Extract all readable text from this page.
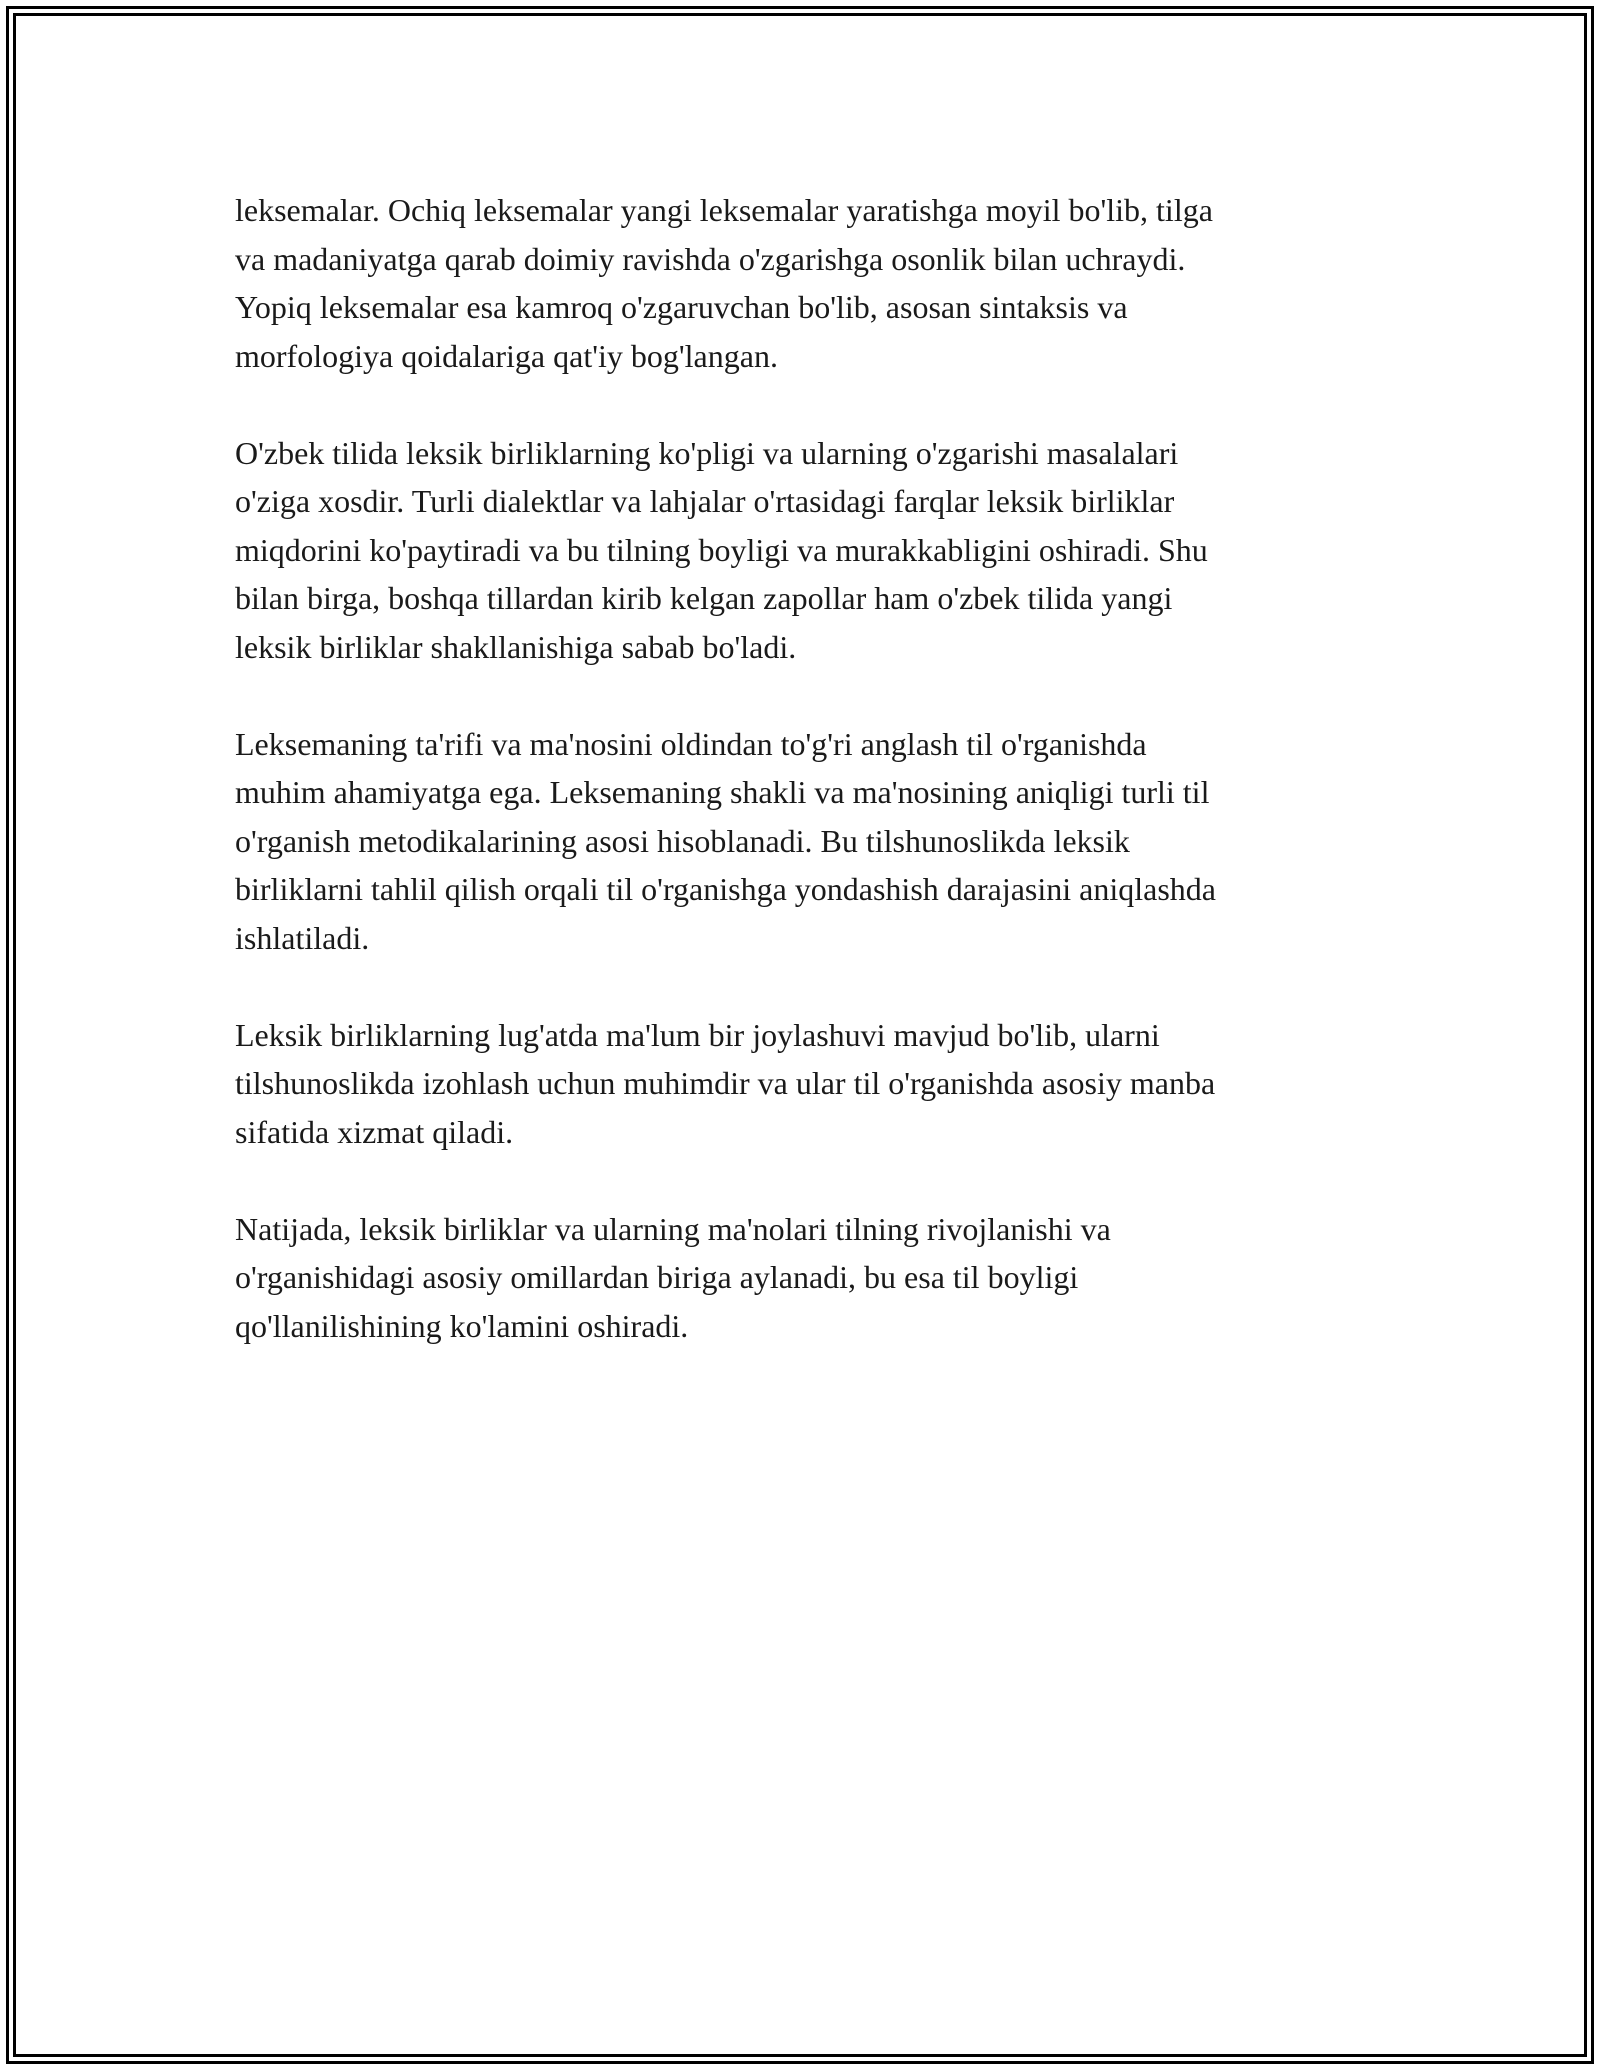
leksemalar. Ochiq leksemalar yangi leksemalar yaratishga moyil bo'lib, tilga
va madaniyatga qarab doimiy ravishda o'zgarishga osonlik bilan uchraydi.
Yopiq leksemalar esa kamroq o'zgaruvchan bo'lib, asosan sintaksis va
morfologiya qoidalariga qat'iy bog'langan.

O'zbek tilida leksik birliklarning ko'pligi va ularning o'zgarishi masalalari
o'ziga xosdir. Turli dialektlar va lahjalar o'rtasidagi farqlar leksik birliklar
miqdorini ko'paytiradi va bu tilning boyligi va murakkabligini oshiradi. Shu
bilan birga, boshqa tillardan kirib kelgan zapollar ham o'zbek tilida yangi
leksik birliklar shakllanishiga sabab bo'ladi.

Leksemaning ta'rifi va ma'nosini oldindan to'g'ri anglash til o'rganishda
muhim ahamiyatga ega. Leksemaning shakli va ma'nosining aniqligi turli til
o'rganish metodikalarining asosi hisoblanadi. Bu tilshunoslikda leksik
birliklarni tahlil qilish orqali til o'rganishga yondashish darajasini aniqlashda
ishlatiladi.

Leksik birliklarning lug'atda ma'lum bir joylashuvi mavjud bo'lib, ularni
tilshunoslikda izohlash uchun muhimdir va ular til o'rganishda asosiy manba
sifatida xizmat qiladi.

Natijada, leksik birliklar va ularning ma'nolari tilning rivojlanishi va
o'rganishidagi asosiy omillardan biriga aylanadi, bu esa til boyligi
qo'llanilishining ko'lamini oshiradi.
